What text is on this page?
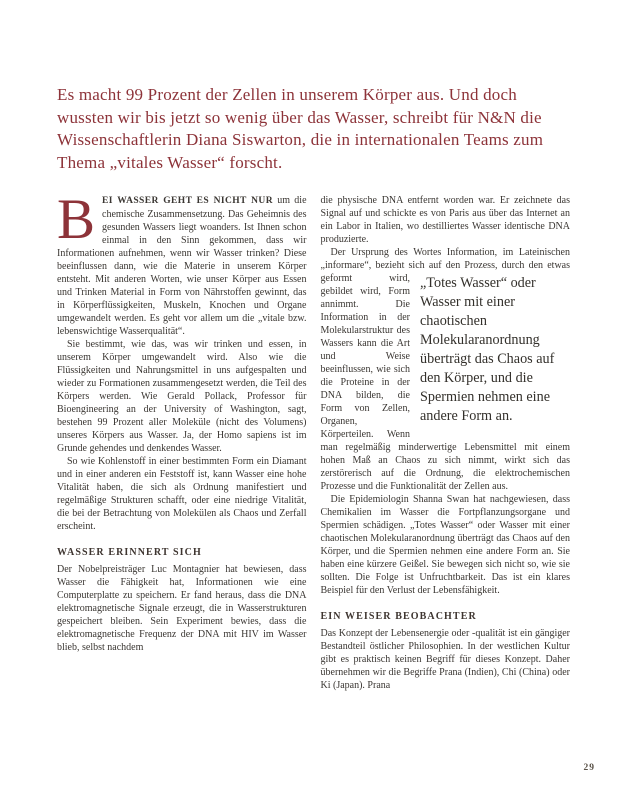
Es macht 99 Prozent der Zellen in unserem Körper aus. Und doch wussten wir bis jetzt so wenig über das Wasser, schreibt für N&N die Wissenschaftlerin Diana Siswarton, die in internationalen Teams zum Thema „vitales Wasser“ forscht.

BEI WASSER GEHT ES NICHT NUR um die chemische Zusammensetzung. Das Geheimnis des gesunden Wassers liegt woanders. Ist Ihnen schon einmal in den Sinn gekommen, dass wir Informationen aufnehmen, wenn wir Wasser trinken? Diese beeinflussen dann, wie die Materie in unserem Körper entsteht. Mit anderen Worten, wie unser Körper aus Essen und Trinken Material in Form von Nährstoffen gewinnt, das in Körperflüssigkeiten, Muskeln, Knochen und Organe umgewandelt werden. Es geht vor allem um die „vitale bzw. lebenswichtige Wasserqualität“.

Sie bestimmt, wie das, was wir trinken und essen, in unserem Körper umgewandelt wird. Also wie die Flüssigkeiten und Nahrungsmittel in uns aufgespalten und wieder zu Formationen zusammengesetzt werden, die Teil des Körpers werden. Wie Gerald Pollack, Professor für Bioengineering an der University of Washington, sagt, bestehen 99 Prozent aller Moleküle (nicht des Volumens) unseres Körpers aus Wasser. Ja, der Homo sapiens ist im Grunde gehendes und denkendes Wasser.

So wie Kohlenstoff in einer bestimmten Form ein Diamant und in einer anderen ein Feststoff ist, kann Wasser eine hohe Vitalität haben, die sich als Ordnung manifestiert und regelmäßige Strukturen schafft, oder eine niedrige Vitalität, die bei der Betrachtung von Molekülen als Chaos und Zerfall erscheint.

WASSER ERINNERT SICH

Der Nobelpreisträger Luc Montagnier hat bewiesen, dass Wasser die Fähigkeit hat, Informationen wie eine Computerplatte zu speichern. Er fand heraus, dass die DNA elektromagnetische Signale erzeugt, die in Wasserstrukturen gespeichert bleiben. Sein Experiment bewies, dass die elektromagnetische Frequenz der DNA mit HIV im Wasser blieb, selbst nachdem

die physische DNA entfernt worden war. Er zeichnete das Signal auf und schickte es von Paris aus über das Internet an ein Labor in Italien, wo destilliertes Wasser identische DNA produzierte.

Der Ursprung des Wortes Information, im Lateinischen „informare“, bezieht sich auf den Prozess, durch den etwas geformt	„Totes Wasser“ oder Wasser mit einer chaotischen Molekularanordnung überträgt das Chaos auf den Körper, und die Spermien nehmen eine andere Form an.
wird, gebildet wird, Form annimmt. Die Information in der Molekularstruktur des Wassers kann die Art und Weise beeinflussen, wie sich die Proteine in der DNA bilden, die Form von Zellen, Organen, Körperteilen. Wenn man regelmäßig minderwertige Lebensmittel mit einem hohen Maß an Chaos zu sich nimmt, wirkt sich das zerstörerisch auf die Ordnung, die elektrochemischen Prozesse und die Funktionalität der Zellen aus.

Die Epidemiologin Shanna Swan hat nachgewiesen, dass Chemikalien im Wasser die Fortpflanzungsorgane und Spermien schädigen. „Totes Wasser“ oder Wasser mit einer chaotischen Molekularanordnung überträgt das Chaos auf den Körper, und die Spermien nehmen eine andere Form an. Sie haben eine kürzere Geißel. Sie bewegen sich nicht so, wie sie sollten. Die Folge ist Unfruchtbarkeit. Das ist ein klares Beispiel für den Verlust der Lebensfähigkeit.

EIN WEISER BEOBACHTER

Das Konzept der Lebensenergie oder -qualität ist ein gängiger Bestandteil östlicher Philosophien. In der westlichen Kultur gibt es praktisch keinen Begriff für dieses Konzept. Daher übernehmen wir die Begriffe Prana (Indien), Chi (China) oder Ki (Japan). Prana

29
